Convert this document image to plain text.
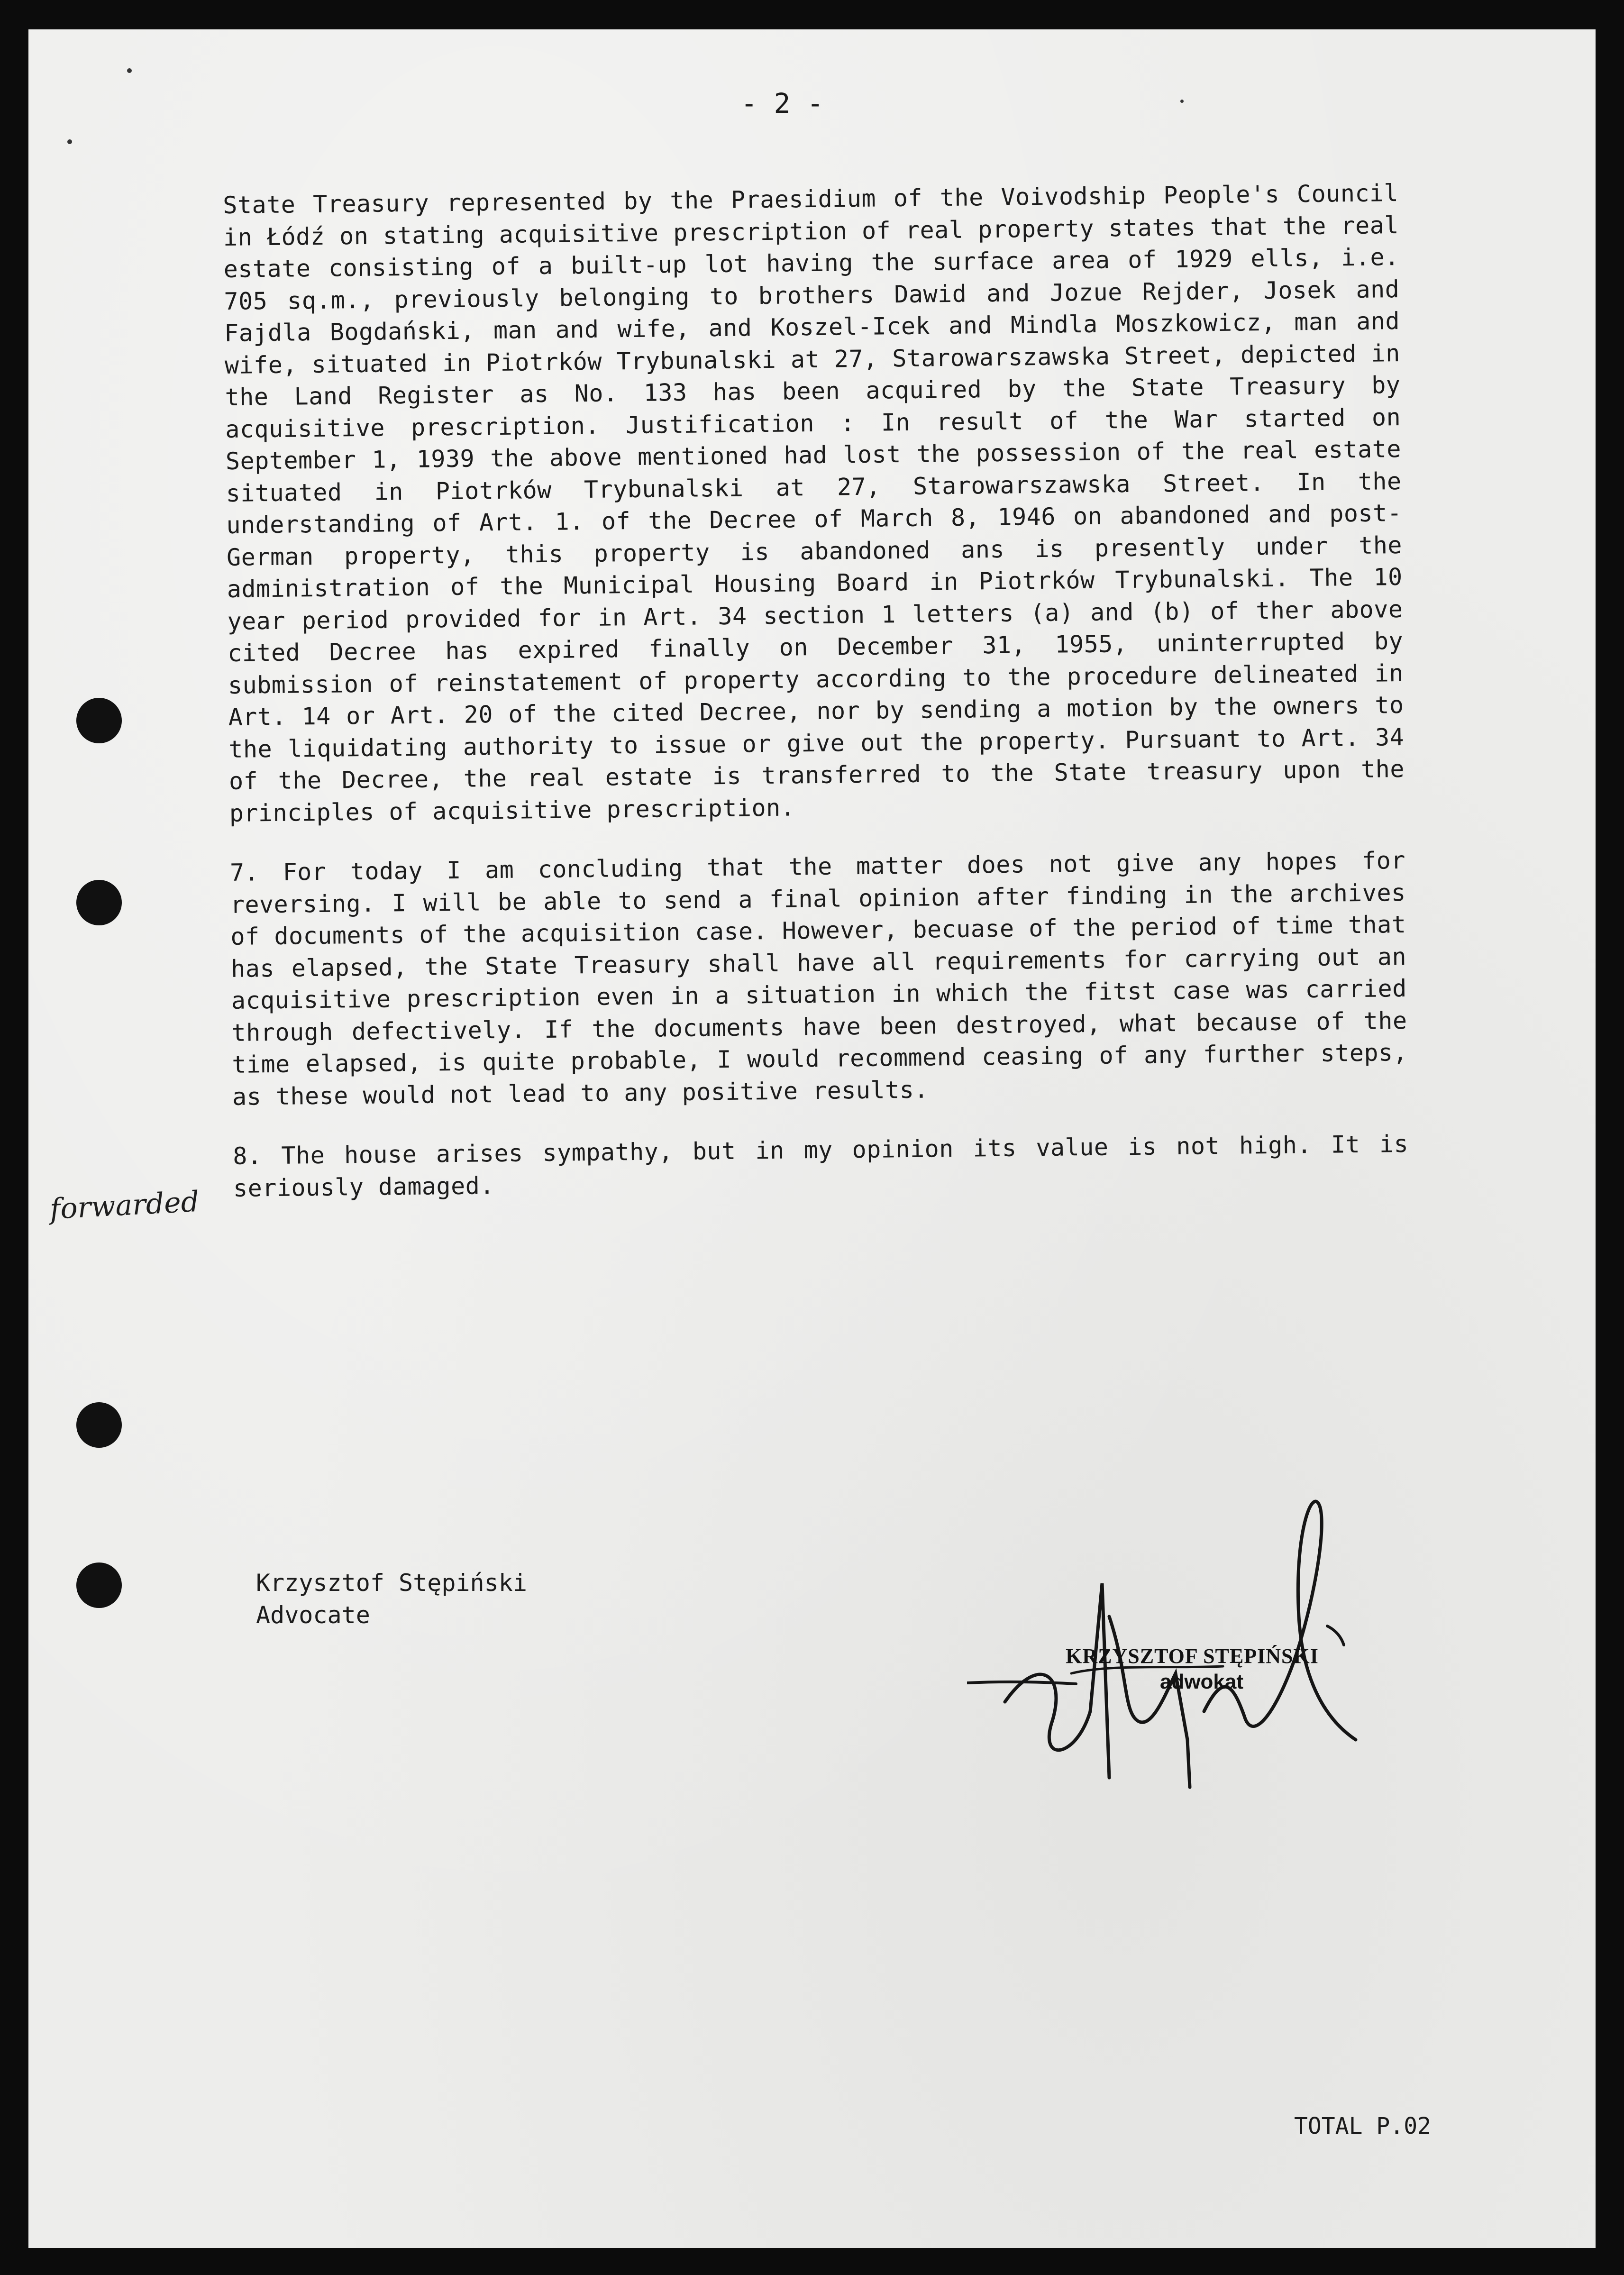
- 2 -

State Treasury represented by the Praesidium of the Voivodship People's Council in Łódź on stating acquisitive prescription of real property states that the real estate consisting of a built-up lot having the surface area of 1929 ells, i.e. 705 sq.m., previously belonging to brothers Dawid and Jozue Rejder, Josek and Fajdla Bogdański, man and wife, and Koszel-Icek and Mindla Moszkowicz, man and wife, situated in Piotrków Trybunalski at 27, Starowarszawska Street, depicted in the Land Register as No. 133 has been acquired by the State Treasury by acquisitive prescription. Justification : In result of the War started on September 1, 1939 the above mentioned had lost the possession of the real estate situated in Piotrków Trybunalski at 27, Starowarszawska Street. In the understanding of Art. 1. of the Decree of March 8, 1946 on abandoned and post-German property, this property is abandoned ans is presently under the administration of the Municipal Housing Board in Piotrków Trybunalski. The 10 year period provided for in Art. 34 section 1 letters (a) and (b) of ther above cited Decree has expired finally on December 31, 1955, uninterrupted by submission of reinstatement of property according to the procedure delineated in Art. 14 or Art. 20 of the cited Decree, nor by sending a motion by the owners to the liquidating authority to issue or give out the property. Pursuant to Art. 34 of the Decree, the real estate is transferred to the State treasury upon the principles of acquisitive prescription.

7. For today I am concluding that the matter does not give any hopes for reversing. I will be able to send a final opinion after finding in the archives of documents of the acquisition case. However, becuase of the period of time that has elapsed, the State Treasury shall have all requirements for carrying out an acquisitive prescription even in a situation in which the fitst case was carried through defectively. If the documents have been destroyed, what because of the time elapsed, is quite probable, I would recommend ceasing of any further steps, as these would not lead to any positive results.

8. The house arises sympathy, but in my opinion its value is not high. It is seriously damaged.

forwarded
Krzysztof Stępiński
Advocate
KRZYSZTOF STĘPIŃSKI
adwokat
TOTAL P.02
